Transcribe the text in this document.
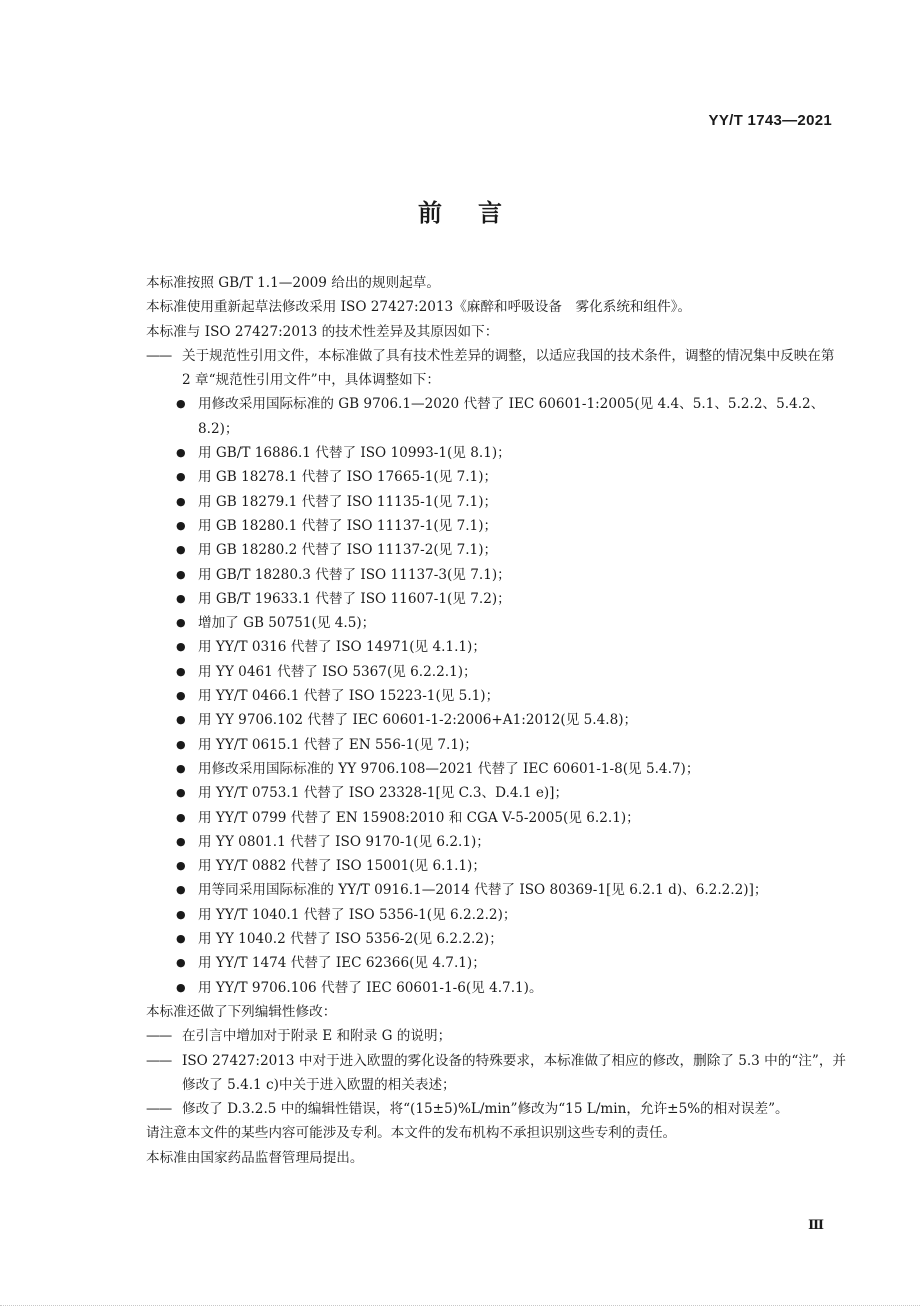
YY/T 1743—2021
前言

本标准按照 GB/T 1.1—2009 给出的规则起草。

本标准使用重新起草法修改采用 ISO 27427:2013《麻醉和呼吸设备　雾化系统和组件》。

本标准与 ISO 27427:2013 的技术性差异及其原因如下：

—— 关于规范性引用文件，本标准做了具有技术性差异的调整，以适应我国的技术条件，调整的情况集中反映在第 2 章“规范性引用文件”中，具体调整如下：
● 用修改采用国际标准的 GB 9706.1—2020 代替了 IEC 60601-1:2005(见 4.4、5.1、5.2.2、5.4.2、8.2)；
● 用 GB/T 16886.1 代替了 ISO 10993-1(见 8.1)；
● 用 GB 18278.1 代替了 ISO 17665-1(见 7.1)；
● 用 GB 18279.1 代替了 ISO 11135-1(见 7.1)；
● 用 GB 18280.1 代替了 ISO 11137-1(见 7.1)；
● 用 GB 18280.2 代替了 ISO 11137-2(见 7.1)；
● 用 GB/T 18280.3 代替了 ISO 11137-3(见 7.1)；
● 用 GB/T 19633.1 代替了 ISO 11607-1(见 7.2)；
● 增加了 GB 50751(见 4.5)；
● 用 YY/T 0316 代替了 ISO 14971(见 4.1.1)；
● 用 YY 0461 代替了 ISO 5367(见 6.2.2.1)；
● 用 YY/T 0466.1 代替了 ISO 15223-1(见 5.1)；
● 用 YY 9706.102 代替了 IEC 60601-1-2:2006+A1:2012(见 5.4.8)；
● 用 YY/T 0615.1 代替了 EN 556-1(见 7.1)；
● 用修改采用国际标准的 YY 9706.108—2021 代替了 IEC 60601-1-8(见 5.4.7)；
● 用 YY/T 0753.1 代替了 ISO 23328-1[见 C.3、D.4.1 e)]；
● 用 YY/T 0799 代替了 EN 15908:2010 和 CGA V-5-2005(见 6.2.1)；
● 用 YY 0801.1 代替了 ISO 9170-1(见 6.2.1)；
● 用 YY/T 0882 代替了 ISO 15001(见 6.1.1)；
● 用等同采用国际标准的 YY/T 0916.1—2014 代替了 ISO 80369-1[见 6.2.1 d)、6.2.2.2)]；
● 用 YY/T 1040.1 代替了 ISO 5356-1(见 6.2.2.2)；
● 用 YY 1040.2 代替了 ISO 5356-2(见 6.2.2.2)；
● 用 YY/T 1474 代替了 IEC 62366(见 4.7.1)；
● 用 YY/T 9706.106 代替了 IEC 60601-1-6(见 4.7.1)。

本标准还做了下列编辑性修改：

—— 在引言中增加对于附录 E 和附录 G 的说明；
—— ISO 27427:2013 中对于进入欧盟的雾化设备的特殊要求，本标准做了相应的修改，删除了 5.3 中的“注”，并修改了 5.4.1 c)中关于进入欧盟的相关表述；
—— 修改了 D.3.2.5 中的编辑性错误，将“(15±5)%L/min”修改为“15 L/min，允许±5%的相对误差”。

请注意本文件的某些内容可能涉及专利。本文件的发布机构不承担识别这些专利的责任。

本标准由国家药品监督管理局提出。

Ⅲ
